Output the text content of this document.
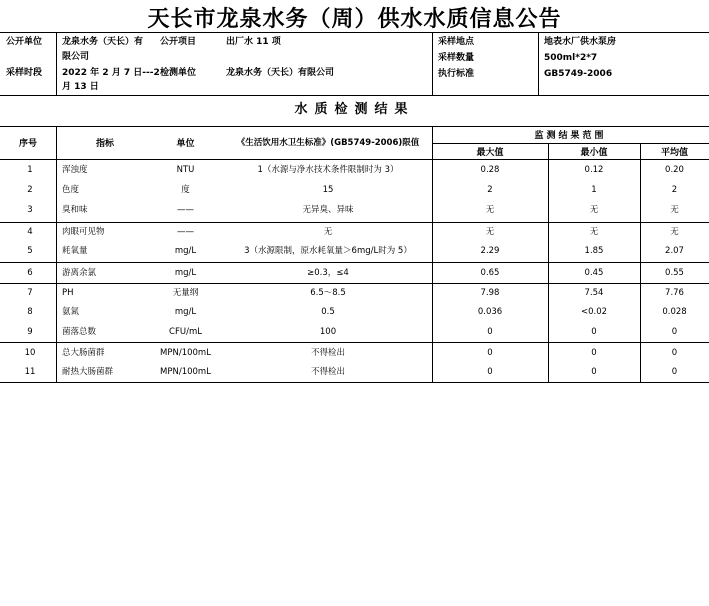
天长市龙泉水务（周）供水水质信息公告
公开单位 龙泉水务（天长）有
限公司
公开项目	出厂水 11 项
采样时段 2022 年 2 月 7 日---2
月 13 日
检测单位	龙泉水务（天长）有限公司
采样地点	地表水厂供水泵房
采样数量	500ml*2*7
执行标准	GB5749-2006
水质检测结果
序号	指标	单位	《生活饮用水卫生标准》(GB5749-2006)限值
监测结果范围
最大值	最小值	平均值
1	浑浊度	NTU	1（水源与净水技术条件限制时为 3）	0.28	0.12	0.20
2	色度	度	15	2	1	2
3	臭和味	——	无异臭、异味	无	无	无
4	肉眼可见物	——	无	无	无	无
5	耗氧量	mg/L	3（水源限制，原水耗氧量＞6mg/L时为 5）	2.29	1.85	2.07
6	游离余氯	mg/L	≥0.3，≤4	0.65	0.45	0.55
7	PH	无量纲	6.5～8.5	7.98	7.54	7.76
8	氨氮	mg/L	0.5	0.036	<0.02	0.028
9	菌落总数	CFU/mL	100	0	0	0
10	总大肠菌群	MPN/100mL	不得检出	0	0	0
11	耐热大肠菌群	MPN/100mL	不得检出	0	0	0
